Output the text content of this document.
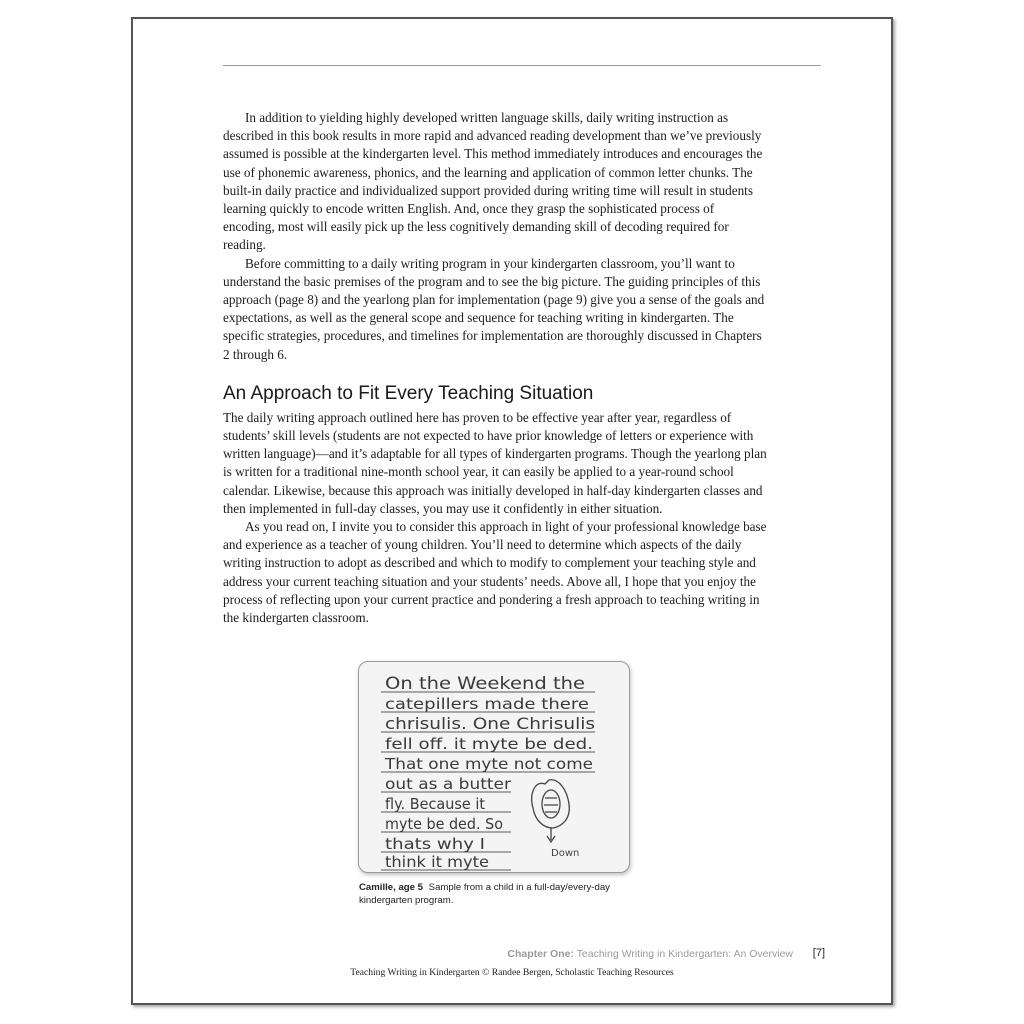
In addition to yielding highly developed written language skills, daily writing instruction as described in this book results in more rapid and advanced reading development than we’ve previously assumed is possible at the kindergarten level. This method immediately introduces and encourages the use of phonemic awareness, phonics, and the learning and application of common letter chunks. The built-in daily practice and individualized support provided during writing time will result in students learning quickly to encode written English. And, once they grasp the sophisticated process of encoding, most will easily pick up the less cognitively demanding skill of decoding required for reading.

Before committing to a daily writing program in your kindergarten classroom, you’ll want to understand the basic premises of the program and to see the big picture. The guiding principles of this approach (page 8) and the yearlong plan for implementation (page 9) give you a sense of the goals and expectations, as well as the general scope and sequence for teaching writing in kindergarten. The specific strategies, procedures, and timelines for implementation are thoroughly discussed in Chapters 2 through 6.

An Approach to Fit Every Teaching Situation

The daily writing approach outlined here has proven to be effective year after year, regardless of students’ skill levels (students are not expected to have prior knowledge of letters or experience with written language)—and it’s adaptable for all types of kindergarten programs. Though the yearlong plan is written for a traditional nine-month school year, it can easily be applied to a year-round school calendar. Likewise, because this approach was initially developed in half-day kindergarten classes and then implemented in full-day classes, you may use it confidently in either situation.

As you read on, I invite you to consider this approach in light of your professional knowledge base and experience as a teacher of young children. You’ll need to determine which aspects of the daily writing instruction to adopt as described and which to modify to complement your teaching style and address your current teaching situation and your students’ needs. Above all, I hope that you enjoy the process of reflecting upon your current practice and pondering a fresh approach to teaching writing in the kindergarten classroom.

On the Weekend the
catepillers made there
chrisulis. One Chrisulis
fell off. it myte be ded.
That one myte not come
out as a butter
fly. Because it
myte be ded. So
thats why I
think it myte	Down
Camille, age 5 Sample from a child in a full-day/every-day kindergarten program.
Chapter One: Teaching Writing in Kindergarten: An Overview [7]
Teaching Writing in Kindergarten © Randee Bergen, Scholastic Teaching Resources
